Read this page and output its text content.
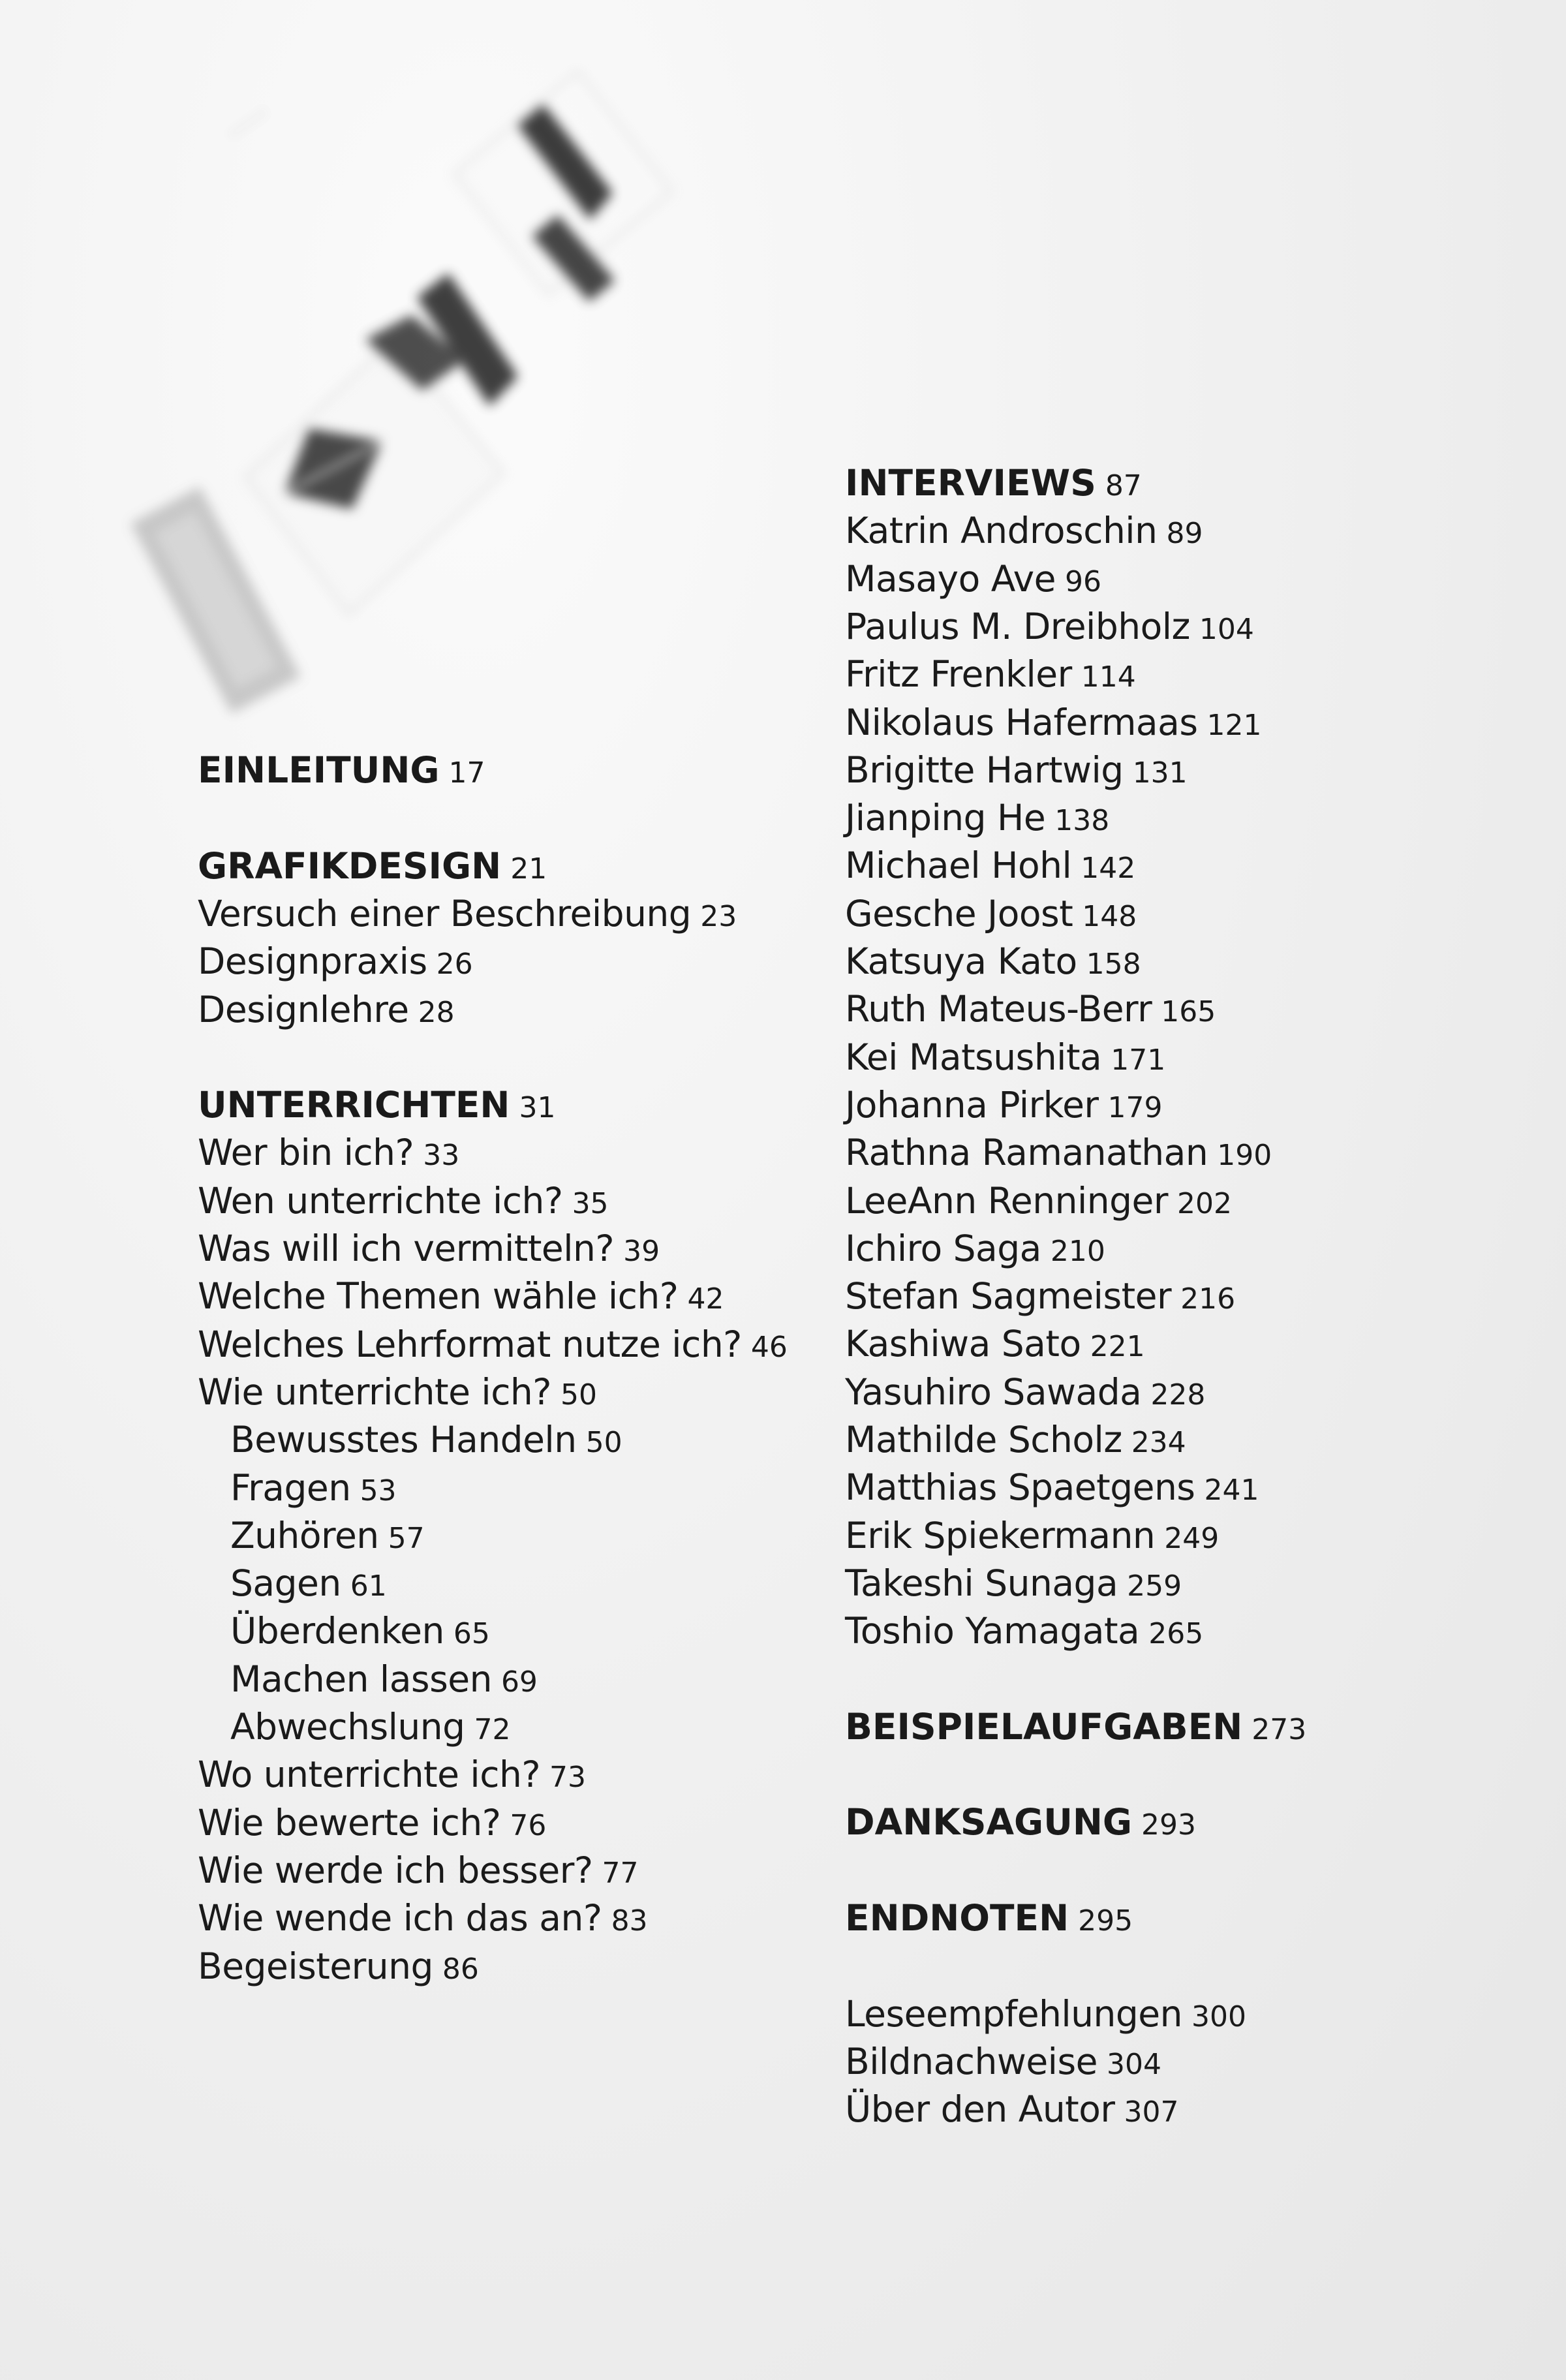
· · · ·
EINLEITUNG 17
GRAFIKDESIGN 21
Versuch einer Beschreibung 23
Designpraxis 26
Designlehre 28
UNTERRICHTEN 31
Wer bin ich? 33
Wen unterrichte ich? 35
Was will ich vermitteln? 39
Welche Themen wähle ich? 42
Welches Lehrformat nutze ich? 46
Wie unterrichte ich? 50
Bewusstes Handeln 50
Fragen 53
Zuhören 57
Sagen 61
Überdenken 65
Machen lassen 69
Abwechslung 72
Wo unterrichte ich? 73
Wie bewerte ich? 76
Wie werde ich besser? 77
Wie wende ich das an? 83
Begeisterung 86
INTERVIEWS 87
Katrin Androschin 89
Masayo Ave 96
Paulus M. Dreibholz 104
Fritz Frenkler 114
Nikolaus Hafermaas 121
Brigitte Hartwig 131
Jianping He 138
Michael Hohl 142
Gesche Joost 148
Katsuya Kato 158
Ruth Mateus-Berr 165
Kei Matsushita 171
Johanna Pirker 179
Rathna Ramanathan 190
LeeAnn Renninger 202
Ichiro Saga 210
Stefan Sagmeister 216
Kashiwa Sato 221
Yasuhiro Sawada 228
Mathilde Scholz 234
Matthias Spaetgens 241
Erik Spiekermann 249
Takeshi Sunaga 259
Toshio Yamagata 265
BEISPIELAUFGABEN 273
DANKSAGUNG 293
ENDNOTEN 295
Leseempfehlungen 300
Bildnachweise 304
Über den Autor 307
